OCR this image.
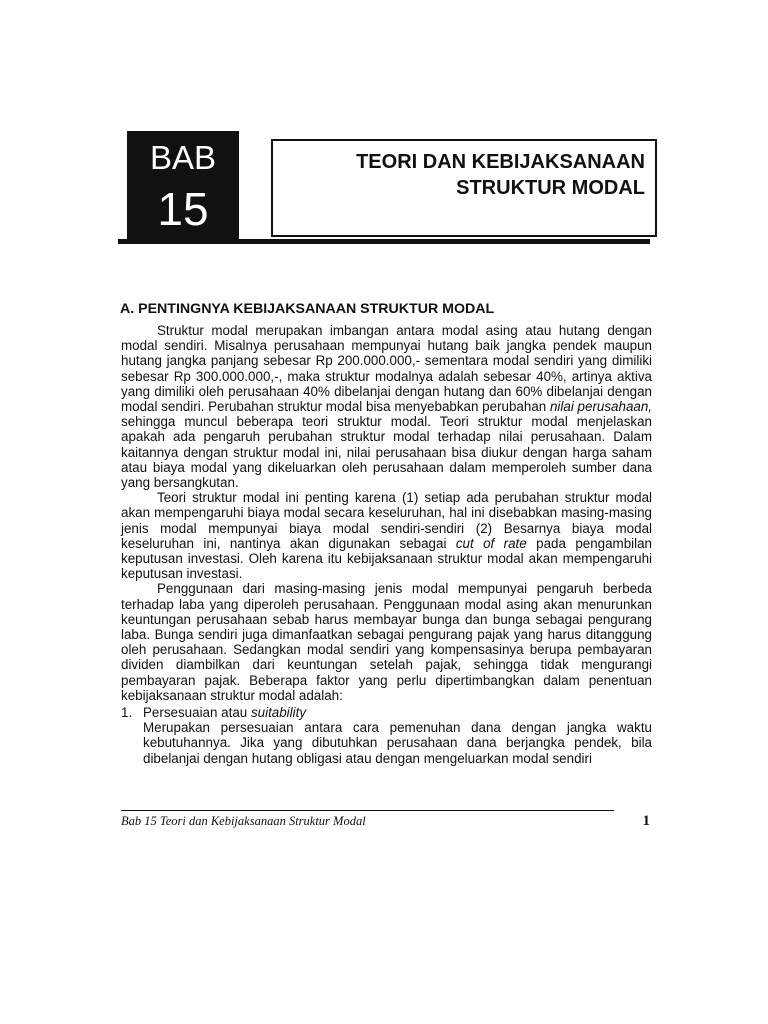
BAB
15
TEORI DAN KEBIJAKSANAAN
STRUKTUR MODAL
A. PENTINGNYA KEBIJAKSANAAN STRUKTUR MODAL

Struktur modal merupakan imbangan antara modal asing atau hutang dengan modal sendiri. Misalnya perusahaan mempunyai hutang baik jangka pendek maupun hutang jangka panjang sebesar Rp 200.000.000,- sementara modal sendiri yang dimiliki sebesar Rp 300.000.000,-, maka struktur modalnya adalah sebesar 40%, artinya aktiva yang dimiliki oleh perusahaan 40% dibelanjai dengan hutang dan 60% dibelanjai dengan modal sendiri. Perubahan struktur modal bisa menyebabkan perubahan nilai perusahaan, sehingga muncul beberapa teori struktur modal. Teori struktur modal menjelaskan apakah ada pengaruh perubahan struktur modal terhadap nilai perusahaan. Dalam kaitannya dengan struktur modal ini, nilai perusahaan bisa diukur dengan harga saham atau biaya modal yang dikeluarkan oleh perusahaan dalam memperoleh sumber dana yang bersangkutan.

Teori struktur modal ini penting karena (1) setiap ada perubahan struktur modal akan mempengaruhi biaya modal secara keseluruhan, hal ini disebabkan masing-masing jenis modal mempunyai biaya modal sendiri-sendiri (2) Besarnya biaya modal keseluruhan ini, nantinya akan digunakan sebagai cut of rate pada pengambilan keputusan investasi. Oleh karena itu kebijaksanaan struktur modal akan mempengaruhi keputusan investasi.

Penggunaan dari masing-masing jenis modal mempunyai pengaruh berbeda terhadap laba yang diperoleh perusahaan. Penggunaan modal asing akan menurunkan keuntungan perusahaan sebab harus membayar bunga dan bunga sebagai pengurang laba. Bunga sendiri juga dimanfaatkan sebagai pengurang pajak yang harus ditanggung oleh perusahaan. Sedangkan modal sendiri yang kompensasinya berupa pembayaran dividen diambilkan dari keuntungan setelah pajak, sehingga tidak mengurangi pembayaran pajak. Beberapa faktor yang perlu dipertimbangkan dalam penentuan kebijaksanaan struktur modal adalah:

1. Persesuaian atau suitability
Merupakan persesuaian antara cara pemenuhan dana dengan jangka waktu kebutuhannya. Jika yang dibutuhkan perusahaan dana berjangka pendek, bila dibelanjai dengan hutang obligasi atau dengan mengeluarkan modal sendiri
Bab 15 Teori dan Kebijaksanaan Struktur Modal	1
